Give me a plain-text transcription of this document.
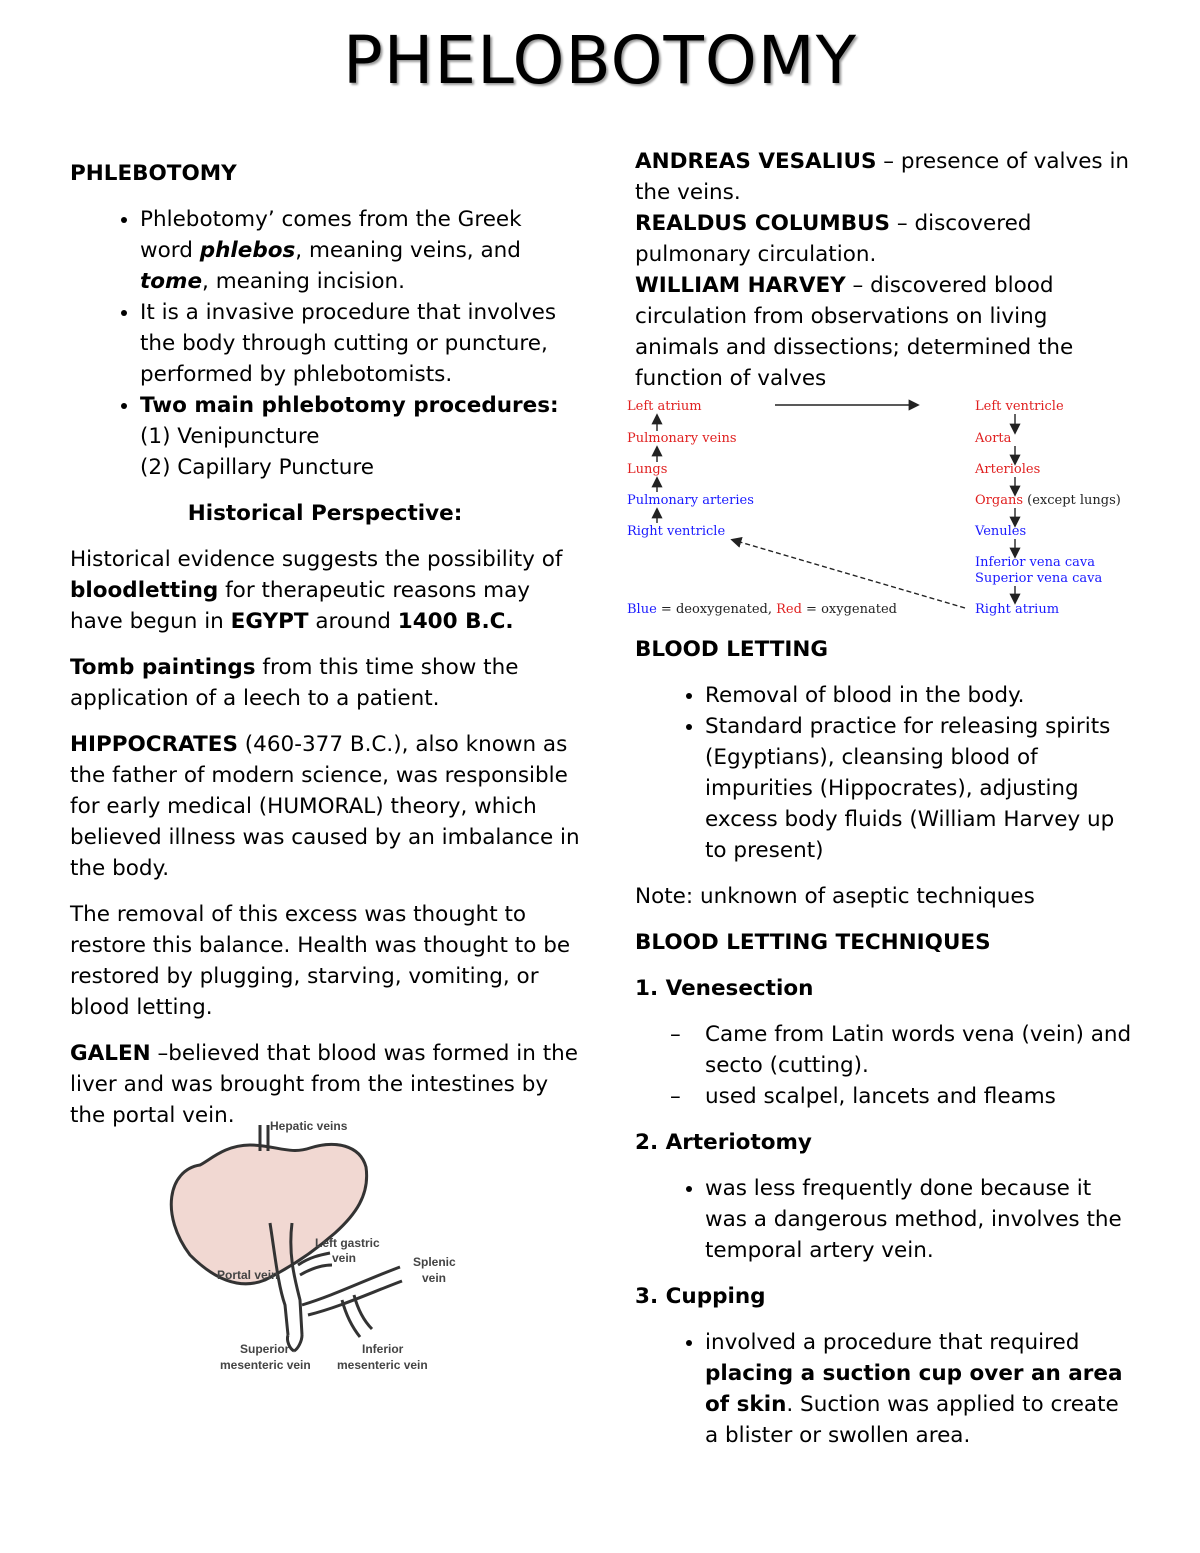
PHELOBOTOMY
PHLEBOTOMY
• Phlebotomy’ comes from the Greek word phlebos, meaning veins, and tome, meaning incision.
• It is a invasive procedure that involves the body through cutting or puncture, performed by phlebotomists.
• Two main phlebotomy procedures:
(1) Venipuncture
(2) Capillary Puncture
Historical Perspective:

Historical evidence suggests the possibility of bloodletting for therapeutic reasons may have begun in EGYPT around 1400 B.C.

Tomb paintings from this time show the application of a leech to a patient.

HIPPOCRATES (460-377 B.C.), also known as the father of modern science, was responsible for early medical (HUMORAL) theory, which believed illness was caused by an imbalance in the body.

The removal of this excess was thought to restore this balance. Health was thought to be restored by plugging, starving, vomiting, or blood letting.

GALEN –believed that blood was formed in the liver and was brought from the intestines by the portal vein.	Hepatic veins
Left gastric
vein	Splenic
vein
Portal vein
Superior
mesenteric vein
Inferior
mesenteric vein
ANDREAS VESALIUS – presence of valves in the veins.
REALDUS COLUMBUS – discovered pulmonary circulation.
WILLIAM HARVEY – discovered blood circulation from observations on living animals and dissections; determined the function of valves
Left atrium
Pulmonary veins
Left ventricle
Aorta
Arterioles
Organs (except lungs)
Lungs
Pulmonary arteries
Right ventricle	Venules
Inferior vena cava
Superior vena cava
Right atrium
Blue = deoxygenated, Red = oxygenated
BLOOD LETTING
• Removal of blood in the body.
• Standard practice for releasing spirits (Egyptians), cleansing blood of impurities (Hippocrates), adjusting excess body fluids (William Harvey up to present)

Note: unknown of aseptic techniques

BLOOD LETTING TECHNIQUES
1. Venesection
– Came from Latin words vena (vein) and secto (cutting).
– used scalpel, lancets and fleams
2. Arteriotomy
• was less frequently done because it was a dangerous method, involves the temporal artery vein.
3. Cupping
• involved a procedure that required placing a suction cup over an area of skin. Suction was applied to create a blister or swollen area.
